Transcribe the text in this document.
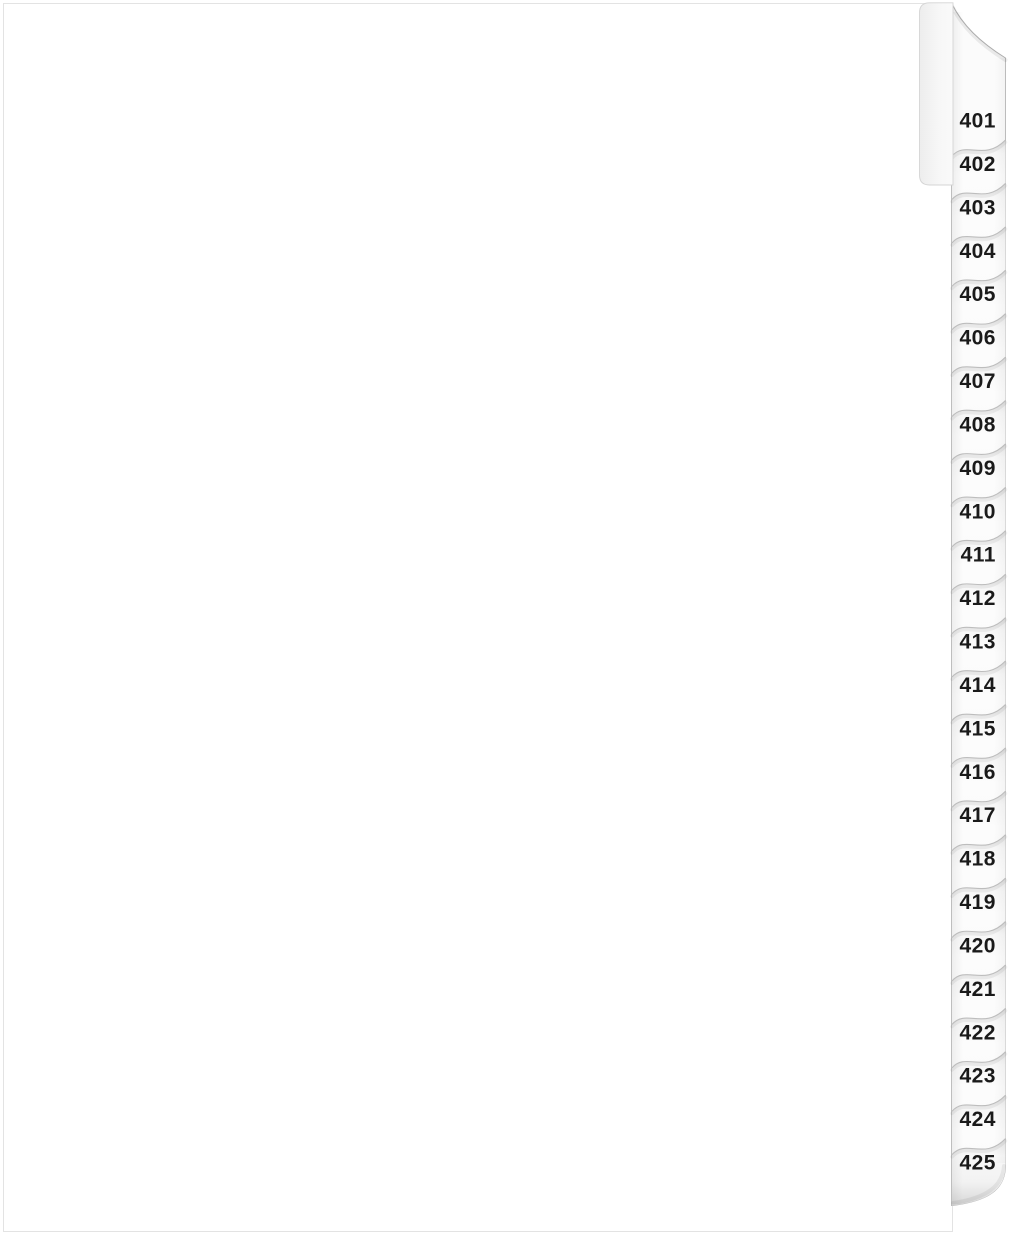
401
402
403
404
405
406
407
408
409
410
411
412
413
414
415
416
417
418
419
420
421
422
423
424
425
